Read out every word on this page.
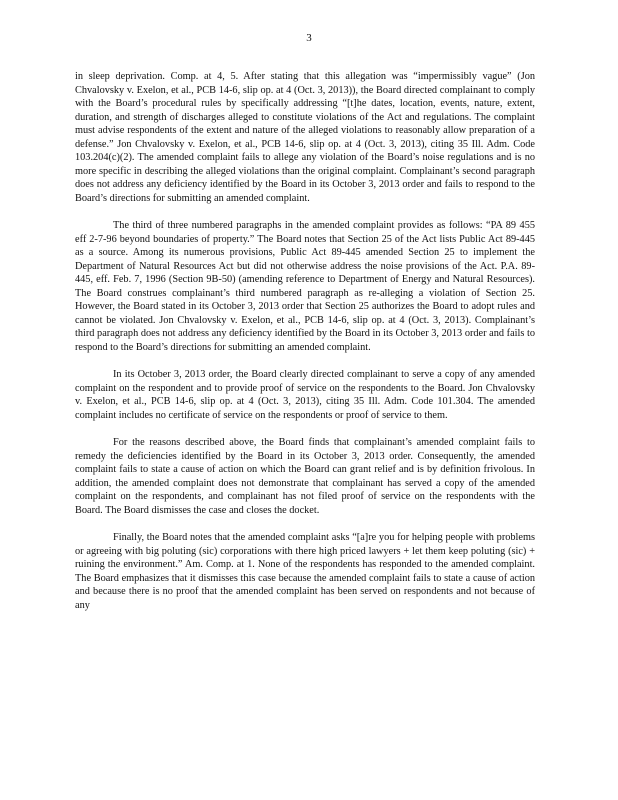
3

in sleep deprivation. Comp. at 4, 5. After stating that this allegation was “impermissibly vague” (Jon Chvalovsky v. Exelon, et al., PCB 14-6, slip op. at 4 (Oct. 3, 2013)), the Board directed complainant to comply with the Board’s procedural rules by specifically addressing “[t]he dates, location, events, nature, extent, duration, and strength of discharges alleged to constitute violations of the Act and regulations. The complaint must advise respondents of the extent and nature of the alleged violations to reasonably allow preparation of a defense.” Jon Chvalovsky v. Exelon, et al., PCB 14-6, slip op. at 4 (Oct. 3, 2013), citing 35 Ill. Adm. Code 103.204(c)(2). The amended complaint fails to allege any violation of the Board’s noise regulations and is no more specific in describing the alleged violations than the original complaint. Complainant’s second paragraph does not address any deficiency identified by the Board in its October 3, 2013 order and fails to respond to the Board’s directions for submitting an amended complaint.

The third of three numbered paragraphs in the amended complaint provides as follows: “PA 89 455 eff 2-7-96 beyond boundaries of property.” The Board notes that Section 25 of the Act lists Public Act 89-445 as a source. Among its numerous provisions, Public Act 89-445 amended Section 25 to implement the Department of Natural Resources Act but did not otherwise address the noise provisions of the Act. P.A. 89-445, eff. Feb. 7, 1996 (Section 9B-50) (amending reference to Department of Energy and Natural Resources). The Board construes complainant’s third numbered paragraph as re-alleging a violation of Section 25. However, the Board stated in its October 3, 2013 order that Section 25 authorizes the Board to adopt rules and cannot be violated. Jon Chvalovsky v. Exelon, et al., PCB 14-6, slip op. at 4 (Oct. 3, 2013). Complainant’s third paragraph does not address any deficiency identified by the Board in its October 3, 2013 order and fails to respond to the Board’s directions for submitting an amended complaint.

In its October 3, 2013 order, the Board clearly directed complainant to serve a copy of any amended complaint on the respondent and to provide proof of service on the respondents to the Board. Jon Chvalovsky v. Exelon, et al., PCB 14-6, slip op. at 4 (Oct. 3, 2013), citing 35 Ill. Adm. Code 101.304. The amended complaint includes no certificate of service on the respondents or proof of service to them.

For the reasons described above, the Board finds that complainant’s amended complaint fails to remedy the deficiencies identified by the Board in its October 3, 2013 order. Consequently, the amended complaint fails to state a cause of action on which the Board can grant relief and is by definition frivolous. In addition, the amended complaint does not demonstrate that complainant has served a copy of the amended complaint on the respondents, and complainant has not filed proof of service on the respondents with the Board. The Board dismisses the case and closes the docket.

Finally, the Board notes that the amended complaint asks “[a]re you for helping people with problems or agreeing with big poluting (sic) corporations with there high priced lawyers + let them keep poluting (sic) + ruining the environment.” Am. Comp. at 1. None of the respondents has responded to the amended complaint. The Board emphasizes that it dismisses this case because the amended complaint fails to state a cause of action and because there is no proof that the amended complaint has been served on respondents and not because of any
